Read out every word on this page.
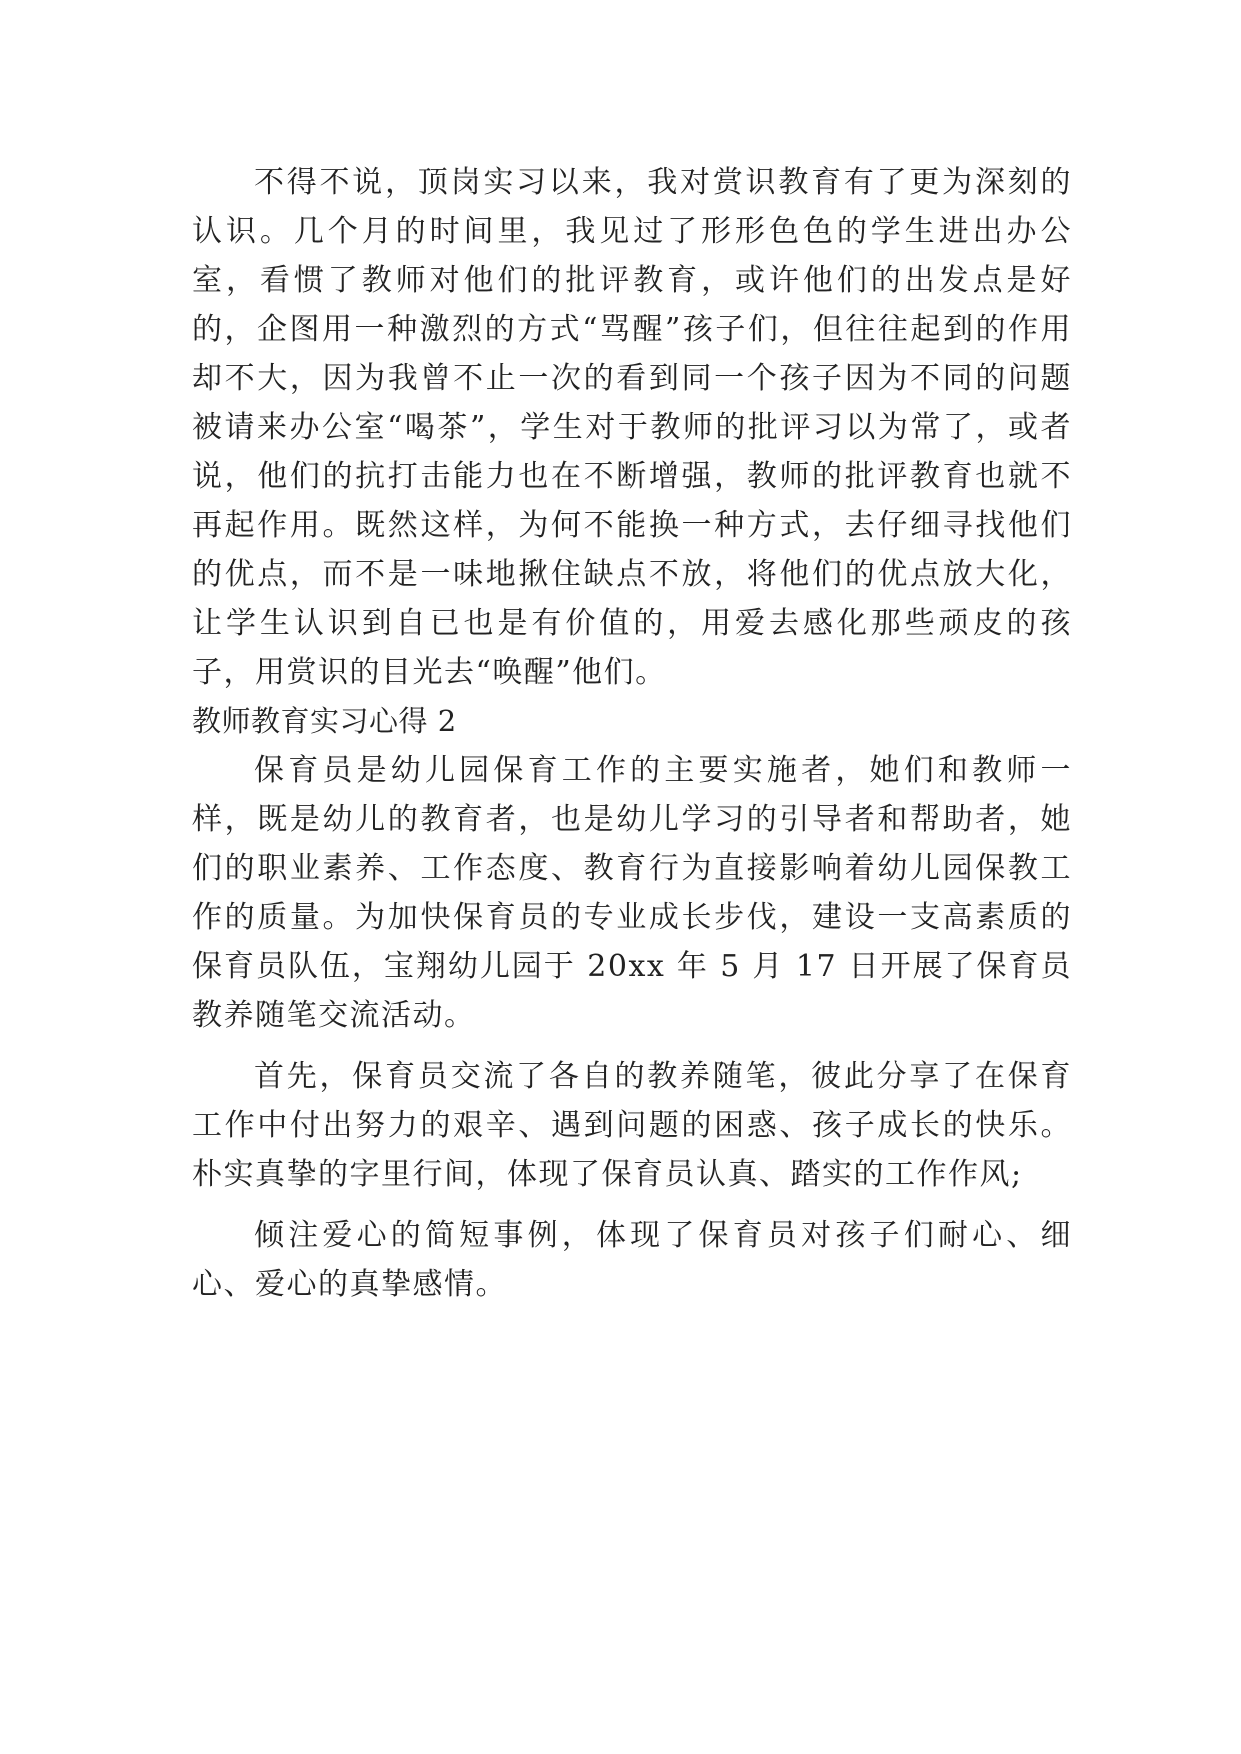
不得不说，顶岗实习以来，我对赏识教育有了更为深刻的认识。几个月的时间里，我见过了形形色色的学生进出办公室，看惯了教师对他们的批评教育，或许他们的出发点是好的，企图用一种激烈的方式“骂醒”孩子们，但往往起到的作用却不大，因为我曾不止一次的看到同一个孩子因为不同的问题被请来办公室“喝茶”，学生对于教师的批评习以为常了，或者说，他们的抗打击能力也在不断增强，教师的批评教育也就不再起作用。既然这样，为何不能换一种方式，去仔细寻找他们的优点，而不是一味地揪住缺点不放，将他们的优点放大化，让学生认识到自已也是有价值的，用爱去感化那些顽皮的孩子，用赏识的目光去“唤醒”他们。

教师教育实习心得 2

保育员是幼儿园保育工作的主要实施者，她们和教师一样，既是幼儿的教育者，也是幼儿学习的引导者和帮助者，她们的职业素养、工作态度、教育行为直接影响着幼儿园保教工作的质量。为加快保育员的专业成长步伐，建设一支高素质的保育员队伍，宝翔幼儿园于 20xx 年 5 月 17 日开展了保育员教养随笔交流活动。

首先，保育员交流了各自的教养随笔，彼此分享了在保育工作中付出努力的艰辛、遇到问题的困惑、孩子成长的快乐。朴实真挚的字里行间，体现了保育员认真、踏实的工作作风;

倾注爱心的简短事例，体现了保育员对孩子们耐心、细心、爱心的真挚感情。
